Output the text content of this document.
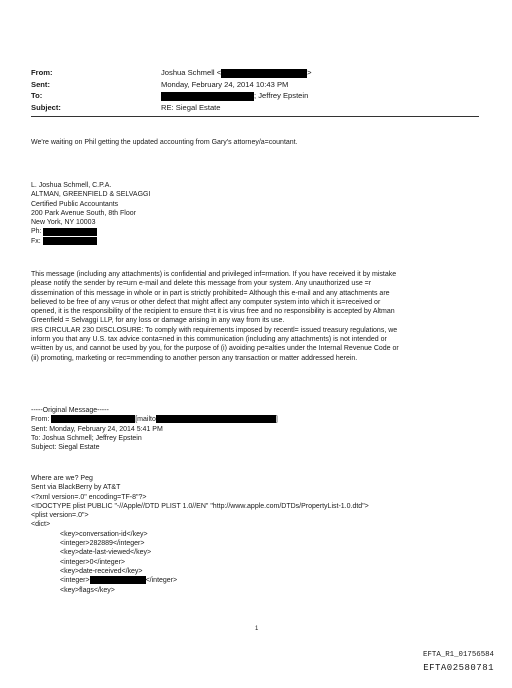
From:	Joshua Schmell <	>
Sent:	Monday, February 24, 2014 10:43 PM
To:	; Jeffrey Epstein
Subject:	RE: Siegal Estate
We're waiting on Phil getting the updated accounting from Gary's attorney/a=countant.

L. Joshua Schmell, C.P.A.

ALTMAN, GREENFIELD & SELVAGGI

Certified Public Accountants

200 Park Avenue South, 8th Floor

New York, NY 10003

Ph:

Fx:

This message (including any attachments) is confidential and privileged inf=rmation. If you have received it by mistake

please notify the sender by re=urn e-mail and delete this message from your system. Any unauthorized use =r

dissemination of this message in whole or in part is strictly prohibited= Although this e-mail and any attachments are

believed to be free of any v=rus or other defect that might affect any computer system into which it is=received or

opened, it is the responsibility of the recipient to ensure th=t it is virus free and no responsibility is accepted by Altman

Greenfield = Selvaggi LLP, for any loss or damage arising in any way from its use.

IRS CIRCULAR 230 DISCLOSURE: To comply with requirements imposed by recentl= issued treasury regulations, we

inform you that any U.S. tax advice conta=ned in this communication (including any attachments) is not intended or

w=itten by us, and cannot be used by you, for the purpose of (i) avoiding pe=alties under the Internal Revenue Code or

(ii) promoting, marketing or rec=mmending to another person any transaction or matter addressed herein.

-----Original Message-----

From:	[mailto	]

Sent: Monday, February 24, 2014 5:41 PM

To: Joshua Schmell; Jeffrey Epstein

Subject: Siegal Estate

Where are we? Peg

Sent via BlackBerry by AT&T

<?xml version=.0" encoding=TF-8"?>

<!DOCTYPE plist PUBLIC "-//Apple//DTD PLIST 1.0//EN" "http://www.apple.com/DTDs/PropertyList-1.0.dtd">

<plist version=.0">

<dict>

<key>conversation-id</key>

<integer>282889</integer>

<key>date-last-viewed</key>

<integer>0</integer>

<key>date-received</key>

<integer>	</integer>

<key>flags</key>

1
EFTA_R1_01756584
EFTA02580781
